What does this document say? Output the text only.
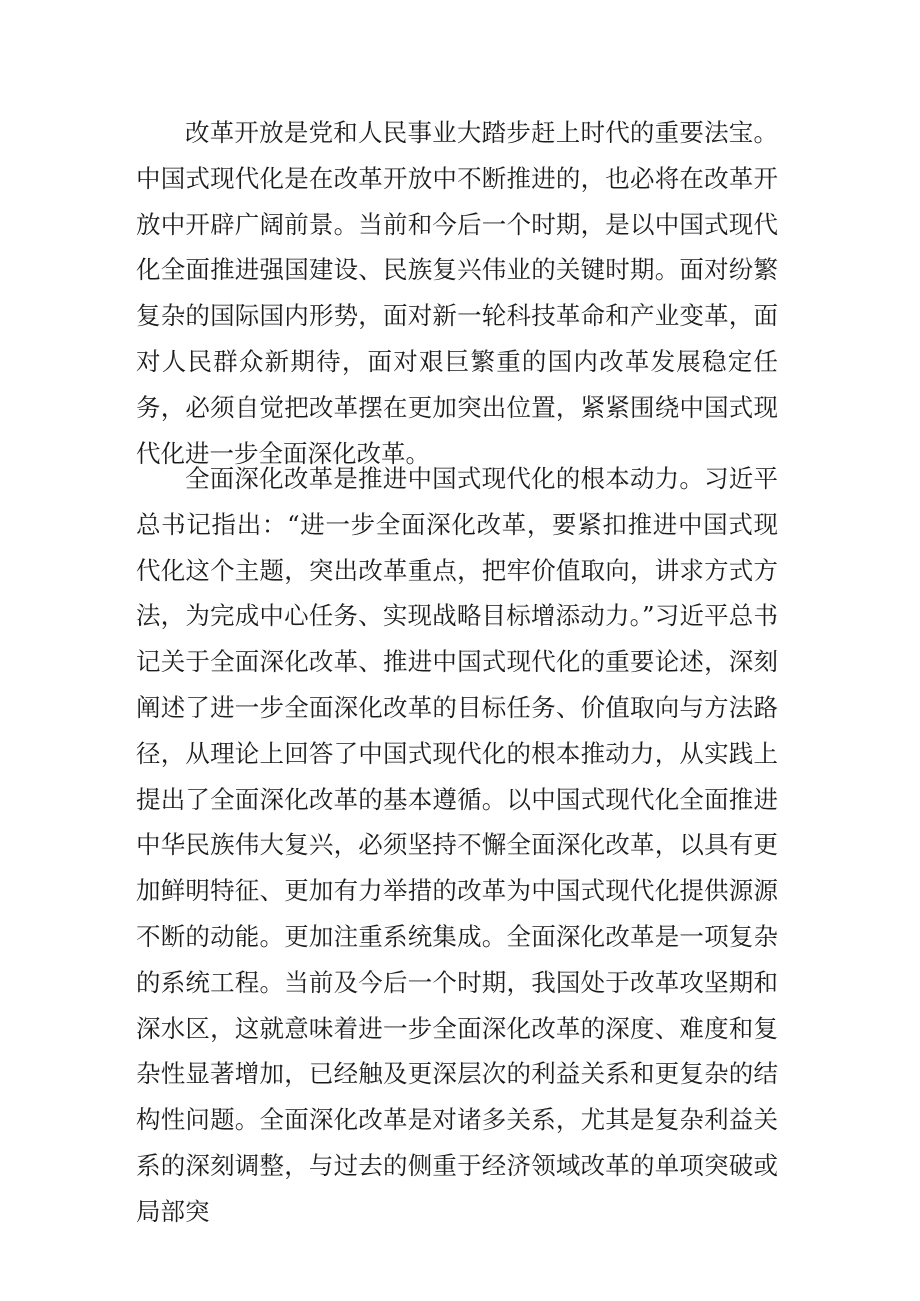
改革开放是党和人民事业大踏步赶上时代的重要法宝。中国式现代化是在改革开放中不断推进的，也必将在改革开放中开辟广阔前景。当前和今后一个时期，是以中国式现代化全面推进强国建设、民族复兴伟业的关键时期。面对纷繁复杂的国际国内形势，面对新一轮科技革命和产业变革，面对人民群众新期待，面对艰巨繁重的国内改革发展稳定任务，必须自觉把改革摆在更加突出位置，紧紧围绕中国式现代化进一步全面深化改革。

全面深化改革是推进中国式现代化的根本动力。习近平总书记指出：“进一步全面深化改革，要紧扣推进中国式现代化这个主题，突出改革重点，把牢价值取向，讲求方式方法，为完成中心任务、实现战略目标增添动力。”习近平总书记关于全面深化改革、推进中国式现代化的重要论述，深刻阐述了进一步全面深化改革的目标任务、价值取向与方法路径，从理论上回答了中国式现代化的根本推动力，从实践上提出了全面深化改革的基本遵循。以中国式现代化全面推进中华民族伟大复兴，必须坚持不懈全面深化改革，以具有更加鲜明特征、更加有力举措的改革为中国式现代化提供源源不断的动能。更加注重系统集成。全面深化改革是一项复杂的系统工程。当前及今后一个时期，我国处于改革攻坚期和深水区，这就意味着进一步全面深化改革的深度、难度和复杂性显著增加，已经触及更深层次的利益关系和更复杂的结构性问题。全面深化改革是对诸多关系，尤其是复杂利益关系的深刻调整，与过去的侧重于经济领域改革的单项突破或局部突
